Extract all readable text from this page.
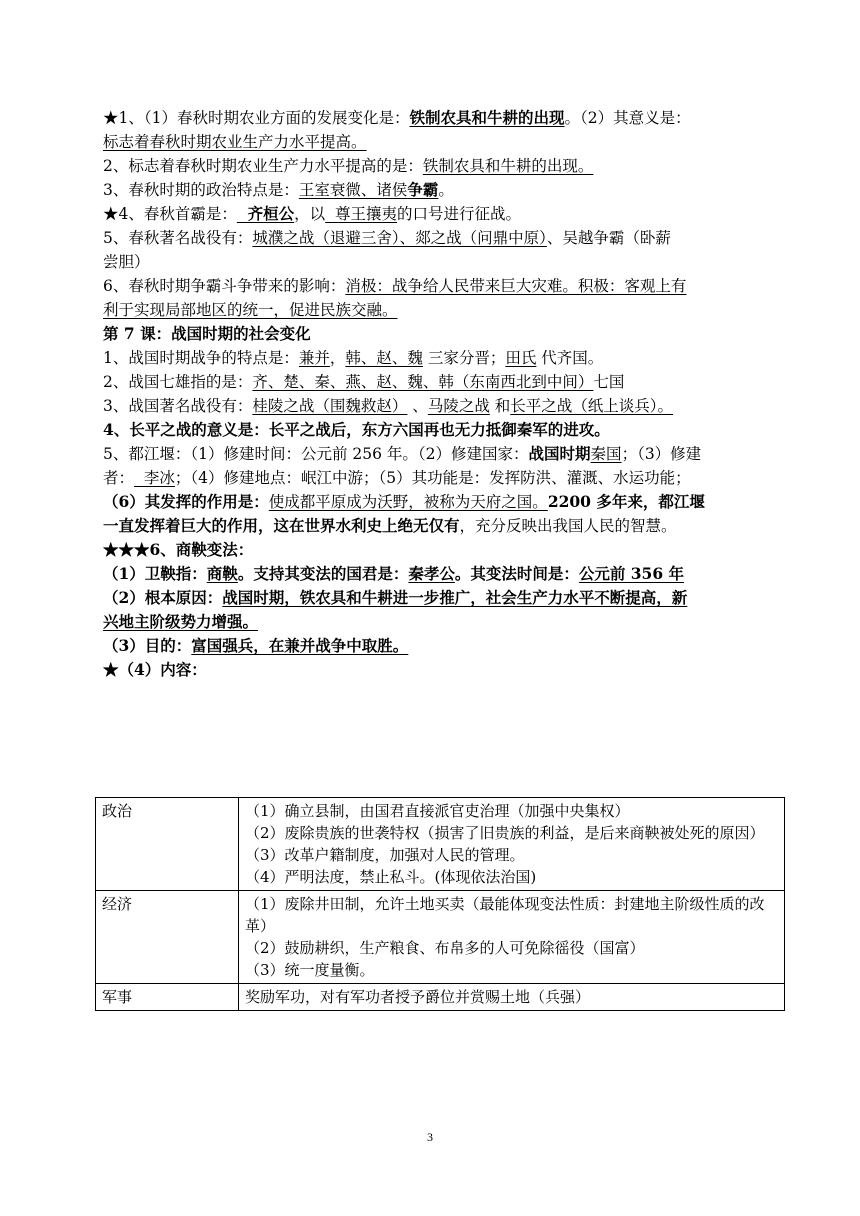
★1、（1）春秋时期农业方面的发展变化是：铁制农具和牛耕的出现。（2）其意义是：
标志着春秋时期农业生产力水平提高。
2、标志着春秋时期农业生产力水平提高的是：铁制农具和牛耕的出现。
3、春秋时期的政治特点是：王室衰微、诸侯争霸。
★4、春秋首霸是：  齐桓公，以  尊王攘夷的口号进行征战。
5、春秋著名战役有：城濮之战（退避三舍）、郯之战（问鼎中原）、吴越争霸（卧薪
尝胆）
6、春秋时期争霸斗争带来的影响：消极：战争给人民带来巨大灾难。积极：客观上有
利于实现局部地区的统一，促进民族交融。
第 7 课：战国时期的社会变化
1、战国时期战争的特点是：兼并，韩、赵、魏 三家分晋；田氏 代齐国。
2、战国七雄指的是：齐、楚、秦、燕、赵、魏、韩（东南西北到中间）七国
3、战国著名战役有：桂陵之战（围魏救赵） 、马陵之战 和长平之战（纸上谈兵）。
4、长平之战的意义是：长平之战后，东方六国再也无力抵御秦军的进攻。
5、都江堰：（1）修建时间：公元前 256 年。（2）修建国家：战国时期秦国；（3）修建
者：  李冰；（4）修建地点：岷江中游；（5）其功能是：发挥防洪、灌溉、水运功能；
（6）其发挥的作用是：使成都平原成为沃野，被称为天府之国。2200 多年来，都江堰
一直发挥着巨大的作用，这在世界水利史上绝无仅有，充分反映出我国人民的智慧。
★★★6、商鞅变法：
（1）卫鞅指：商鞅。支持其变法的国君是：秦孝公。其变法时间是：公元前 356 年
（2）根本原因：战国时期，铁农具和牛耕进一步推广，社会生产力水平不断提高，新
兴地主阶级势力增强。
（3）目的：富国强兵，在兼并战争中取胜。
★（4）内容：
政治	（1）确立县制，由国君直接派官吏治理（加强中央集权）
（2）废除贵族的世袭特权（损害了旧贵族的利益，是后来商鞅被处死的原因）
（3）改革户籍制度，加强对人民的管理。
（4）严明法度，禁止私斗。(体现依法治国)

经济	（1）废除井田制，允许土地买卖（最能体现变法性质：封建地主阶级性质的改革）
（2）鼓励耕织，生产粮食、布帛多的人可免除徭役（国富）
（3）统一度量衡。

军事	奖励军功，对有军功者授予爵位并赏赐土地（兵强）
3
